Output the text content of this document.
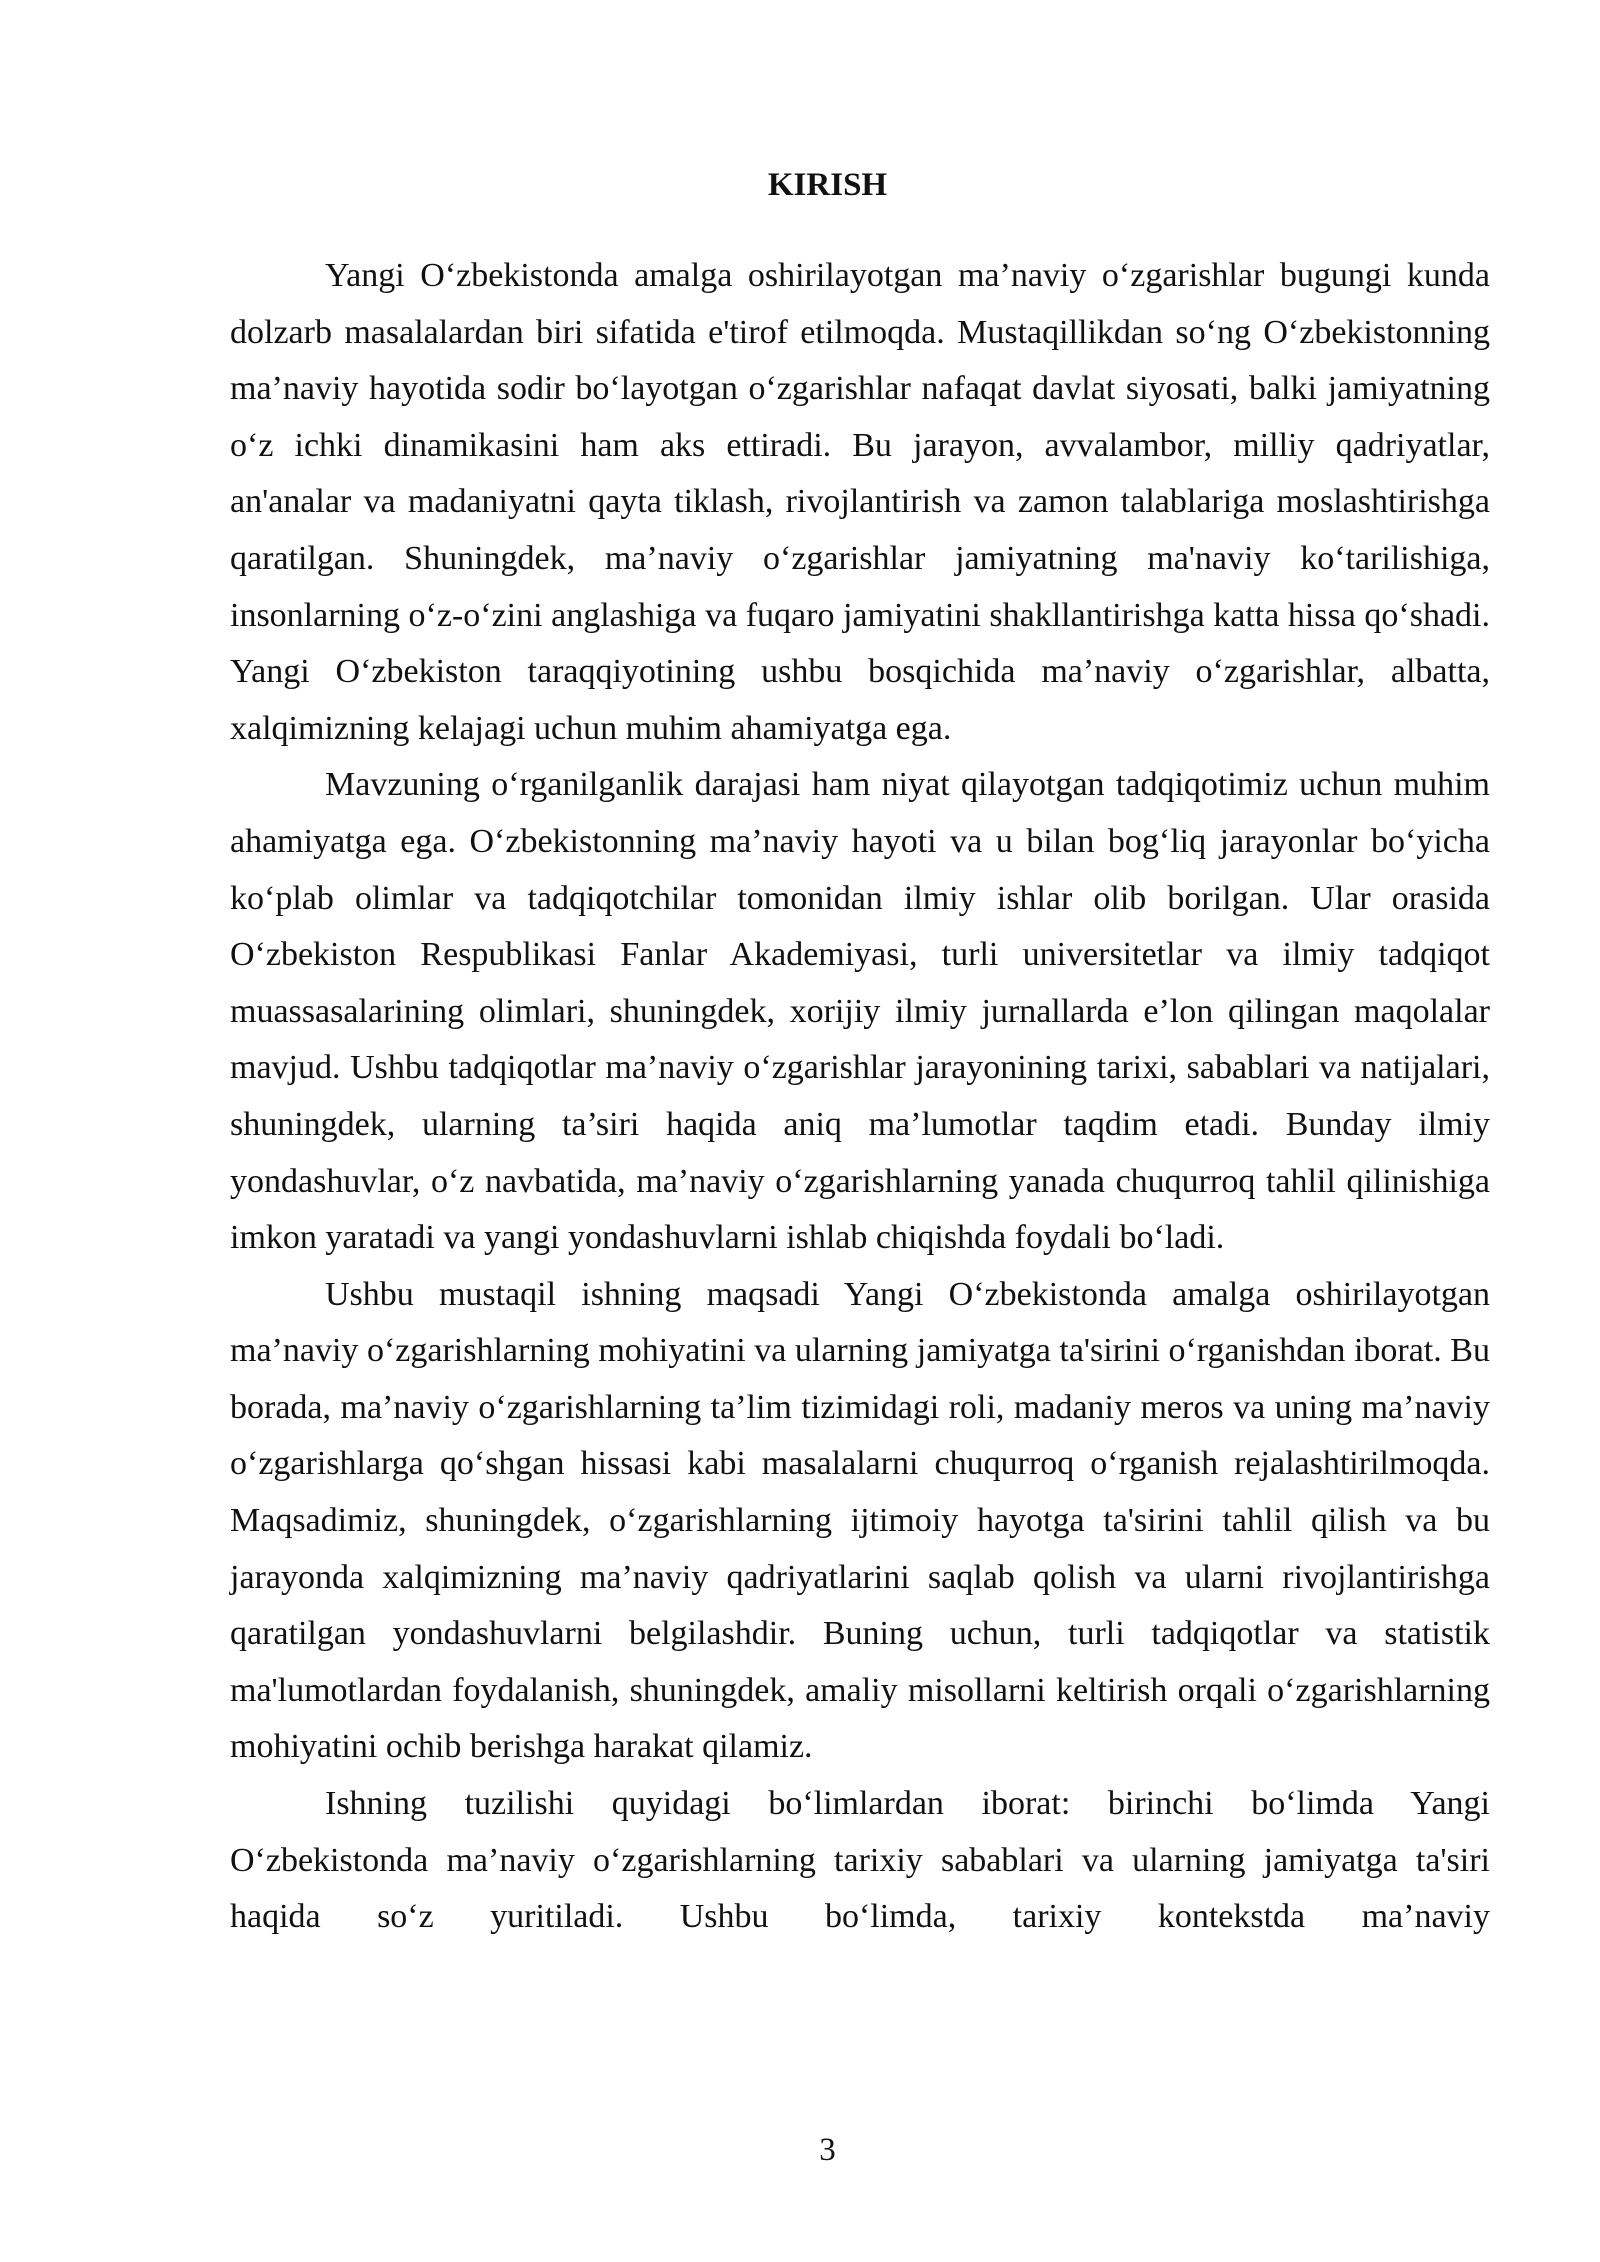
KIRISH

Yangi O‘zbekistonda amalga oshirilayotgan ma’naviy o‘zgarishlar bugungi kunda dolzarb masalalardan biri sifatida e'tirof etilmoqda. Mustaqillikdan so‘ng O‘zbekistonning ma’naviy hayotida sodir bo‘layotgan o‘zgarishlar nafaqat davlat siyosati, balki jamiyatning o‘z ichki dinamikasini ham aks ettiradi. Bu jarayon, avvalambor, milliy qadriyatlar, an'analar va madaniyatni qayta tiklash, rivojlantirish va zamon talablariga moslashtirishga qaratilgan. Shuningdek, ma’naviy o‘zgarishlar jamiyatning ma'naviy ko‘tarilishiga, insonlarning o‘z-o‘zini anglashiga va fuqaro jamiyatini shakllantirishga katta hissa qo‘shadi. Yangi O‘zbekiston taraqqiyotining ushbu bosqichida ma’naviy o‘zgarishlar, albatta, xalqimizning kelajagi uchun muhim ahamiyatga ega.

Mavzuning o‘rganilganlik darajasi ham niyat qilayotgan tadqiqotimiz uchun muhim ahamiyatga ega. O‘zbekistonning ma’naviy hayoti va u bilan bog‘liq jarayonlar bo‘yicha ko‘plab olimlar va tadqiqotchilar tomonidan ilmiy ishlar olib borilgan. Ular orasida O‘zbekiston Respublikasi Fanlar Akademiyasi, turli universitetlar va ilmiy tadqiqot muassasalarining olimlari, shuningdek, xorijiy ilmiy jurnallarda e’lon qilingan maqolalar mavjud. Ushbu tadqiqotlar ma’naviy o‘zgarishlar jarayonining tarixi, sabablari va natijalari, shuningdek, ularning ta’siri haqida aniq ma’lumotlar taqdim etadi. Bunday ilmiy yondashuvlar, o‘z navbatida, ma’naviy o‘zgarishlarning yanada chuqurroq tahlil qilinishiga imkon yaratadi va yangi yondashuvlarni ishlab chiqishda foydali bo‘ladi.

Ushbu mustaqil ishning maqsadi Yangi O‘zbekistonda amalga oshirilayotgan ma’naviy o‘zgarishlarning mohiyatini va ularning jamiyatga ta'sirini o‘rganishdan iborat. Bu borada, ma’naviy o‘zgarishlarning ta’lim tizimidagi roli, madaniy meros va uning ma’naviy o‘zgarishlarga qo‘shgan hissasi kabi masalalarni chuqurroq o‘rganish rejalashtirilmoqda. Maqsadimiz, shuningdek, o‘zgarishlarning ijtimoiy hayotga ta'sirini tahlil qilish va bu jarayonda xalqimizning ma’naviy qadriyatlarini saqlab qolish va ularni rivojlantirishga qaratilgan yondashuvlarni belgilashdir. Buning uchun, turli tadqiqotlar va statistik ma'lumotlardan foydalanish, shuningdek, amaliy misollarni keltirish orqali o‘zgarishlarning mohiyatini ochib berishga harakat qilamiz.

Ishning tuzilishi quyidagi bo‘limlardan iborat: birinchi bo‘limda Yangi O‘zbekistonda ma’naviy o‘zgarishlarning tarixiy sabablari va ularning jamiyatga ta'siri haqida so‘z yuritiladi. Ushbu bo‘limda, tarixiy kontekstda ma’naviy

3
